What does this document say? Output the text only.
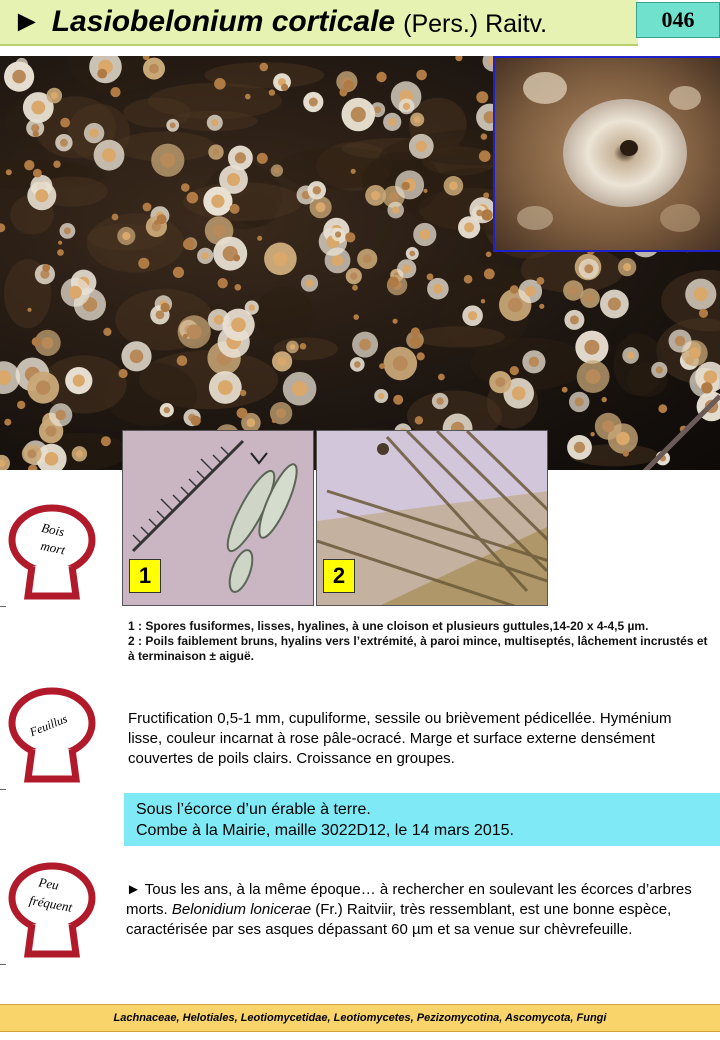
► Lasiobelonium corticale (Pers.) Raitv.	046
1	2
Bois
mort
Feuillus
Peu
fréquent
1 : Spores fusiformes, lisses, hyalines, à une cloison et plusieurs guttules,14-20 x 4-4,5 µm.
2 : Poils faiblement bruns, hyalins vers l’extrémité, à paroi mince, multiseptés, lâchement incrustés et à terminaison ± aiguë.
Fructification 0,5-1 mm, cupuliforme, sessile ou brièvement pédicellée. Hyménium lisse, couleur incarnat à rose pâle-ocracé. Marge et surface externe densément couvertes de poils clairs. Croissance en groupes.
Sous l’écorce d’un érable à terre.
Combe à la Mairie, maille 3022D12, le 14 mars 2015.
► Tous les ans, à la même époque… à rechercher en soulevant les écorces d’arbres morts. Belonidium lonicerae (Fr.) Raitviir, très ressemblant, est une bonne espèce, caractérisée par ses asques dépassant 60 µm et sa venue sur chèvrefeuille.
Lachnaceae, Helotiales, Leotiomycetidae, Leotiomycetes, Pezizomycotina, Ascomycota, Fungi
